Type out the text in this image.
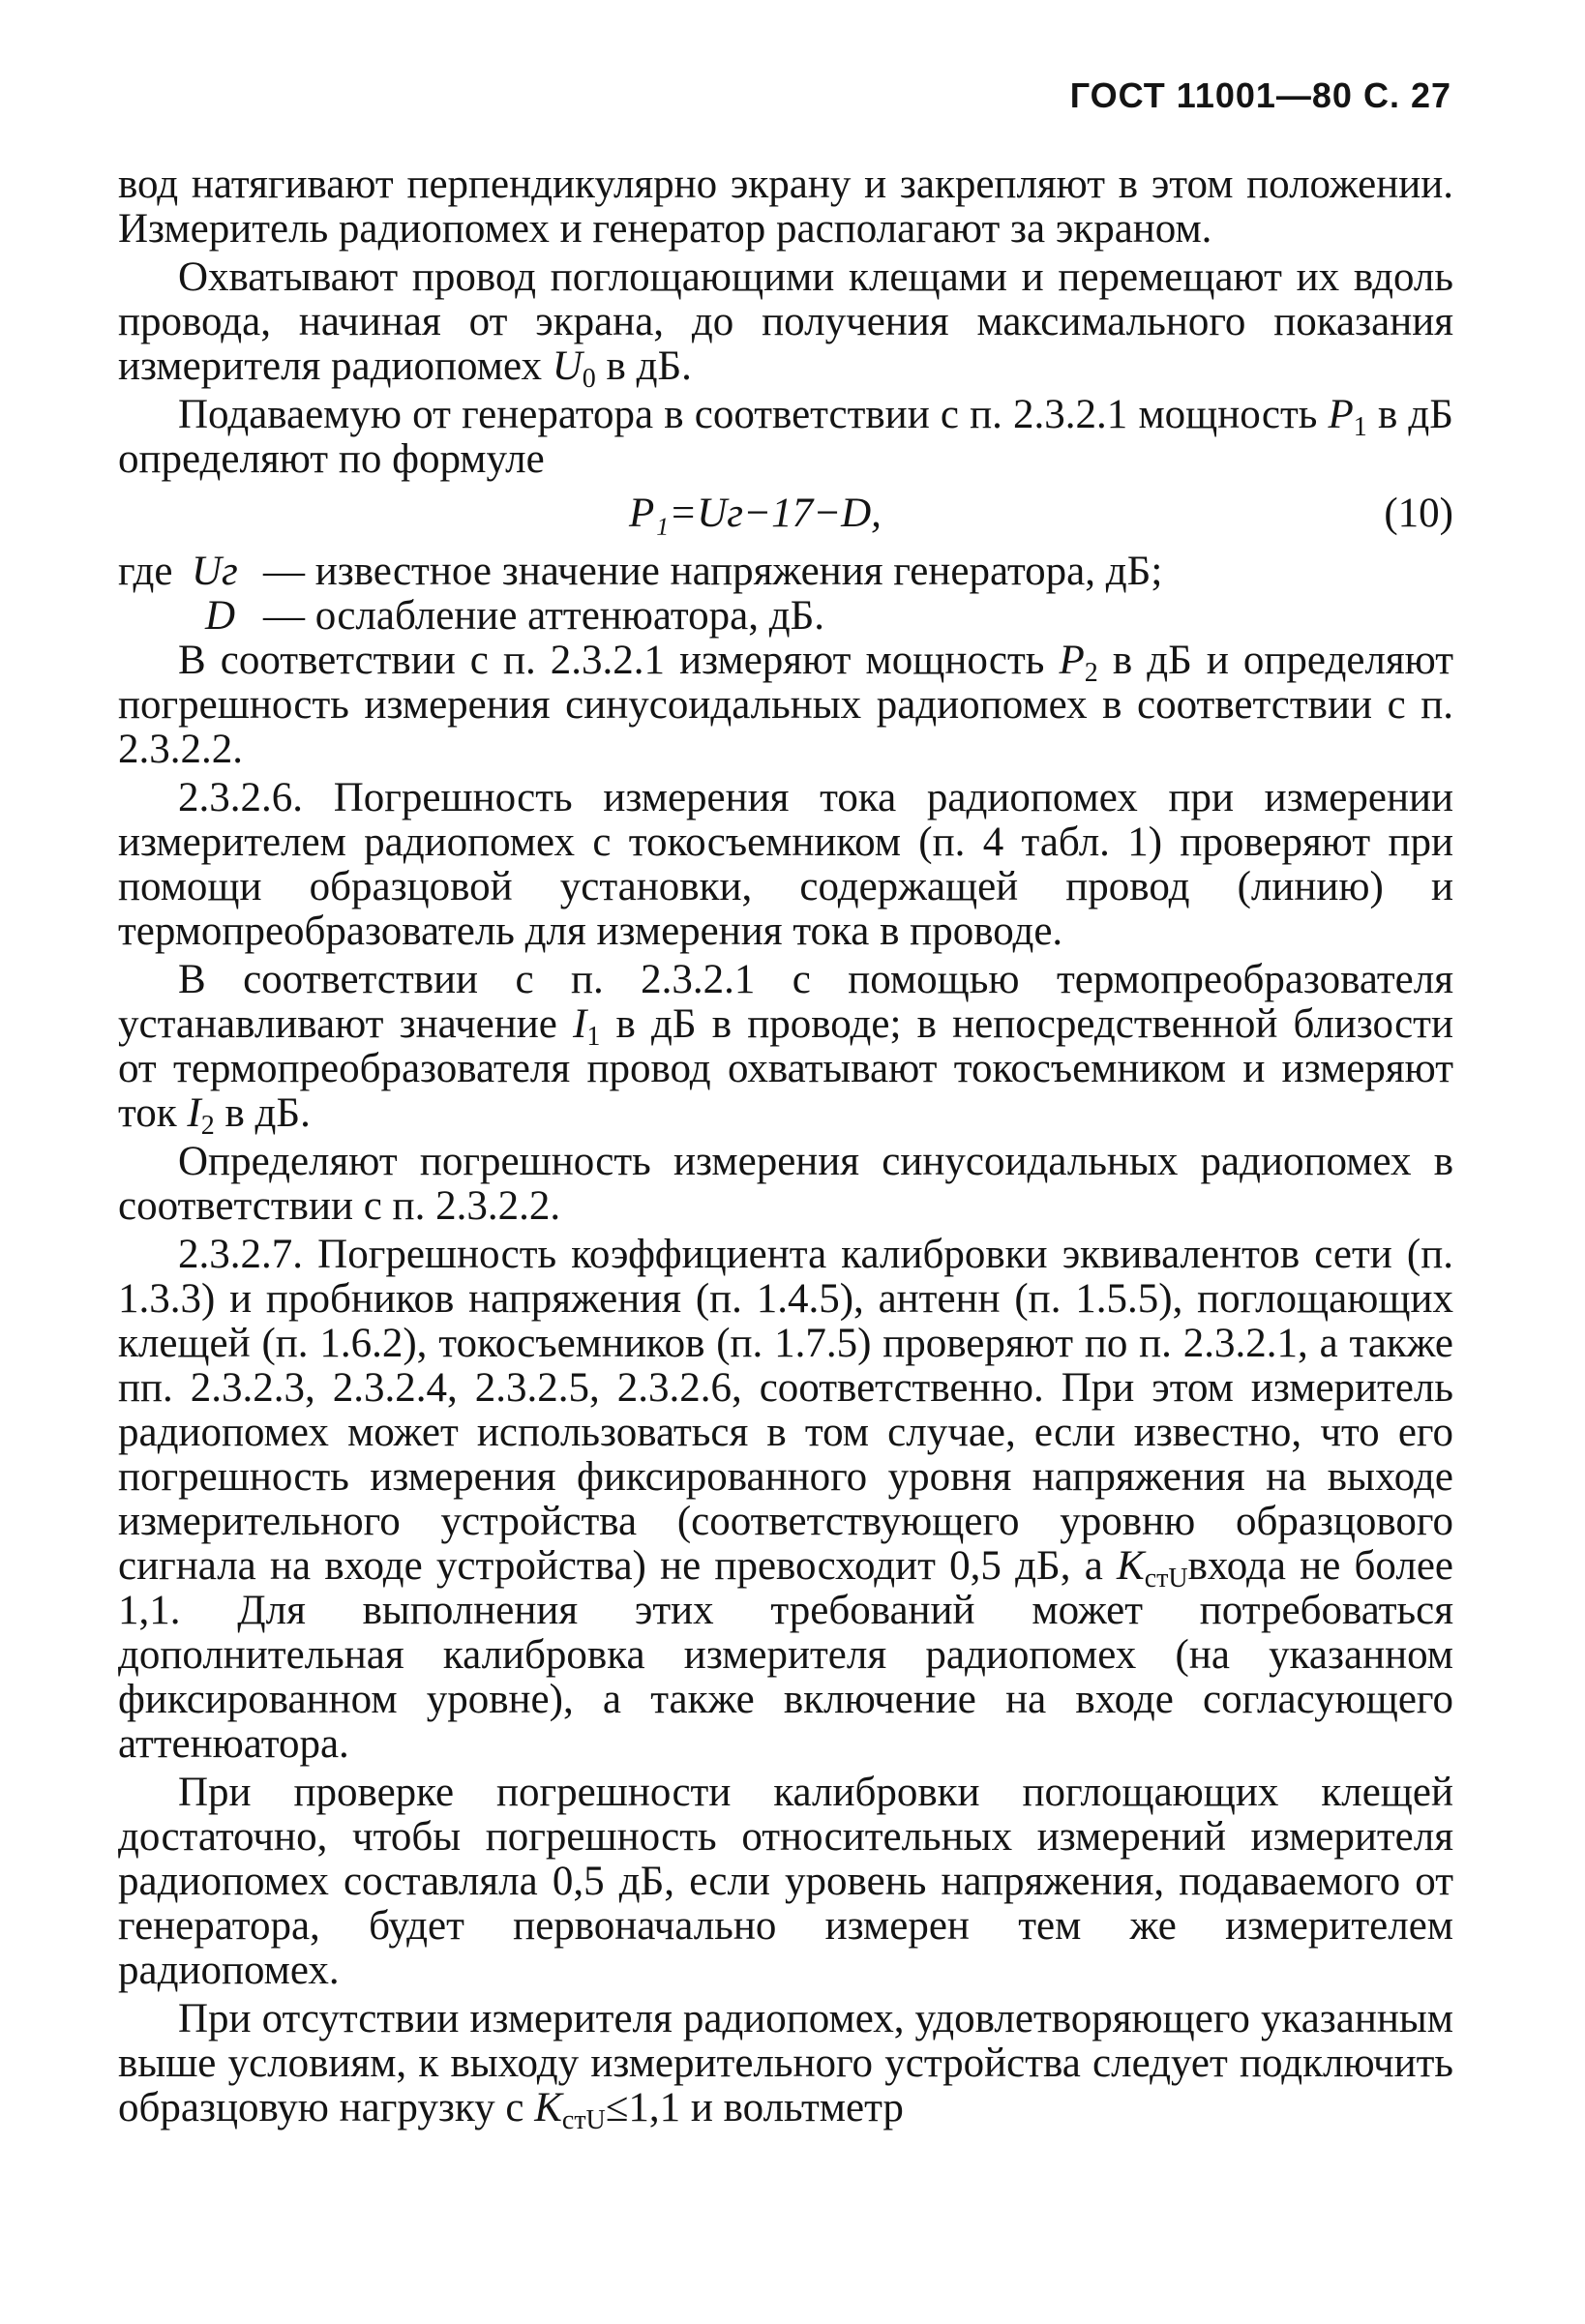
ГОСТ 11001—80 С. 27

вод натягивают перпендикулярно экрану и закрепляют в этом положении. Измеритель радиопомех и генератор располагают за экраном.

Охватывают провод поглощающими клещами и перемещают их вдоль провода, начиная от экрана, до получения максимального показания измерителя радиопомех $U_0$ в дБ.

Подаваемую от генератора в соответствии с п. 2.3.2.1 мощность $P_1$ в дБ определяют по формуле

P₁=Uг−17−D,	(10)
где Uг — известное значение напряжения генератора, дБ;
D — ослабление аттенюатора, дБ.

В соответствии с п. 2.3.2.1 измеряют мощность $P_2$ в дБ и определяют погрешность измерения синусоидальных радиопомех в соответствии с п. 2.3.2.2.

2.3.2.6. Погрешность измерения тока радиопомех при измерении измерителем радиопомех с токосъемником (п. 4 табл. 1) проверяют при помощи образцовой установки, содержащей провод (линию) и термопреобразователь для измерения тока в проводе.

В соответствии с п. 2.3.2.1 с помощью термопреобразователя устанавливают значение $I_1$ в дБ в проводе; в непосредственной близости от термопреобразователя провод охватывают токосъемником и измеряют ток $I_2$ в дБ.

Определяют погрешность измерения синусоидальных радиопомех в соответствии с п. 2.3.2.2.

2.3.2.7. Погрешность коэффициента калибровки эквивалентов сети (п. 1.3.3) и пробников напряжения (п. 1.4.5), антенн (п. 1.5.5), поглощающих клещей (п. 1.6.2), токосъемников (п. 1.7.5) проверяют по п. 2.3.2.1, а также пп. 2.3.2.3, 2.3.2.4, 2.3.2.5, 2.3.2.6, соответственно. При этом измеритель радиопомех может использоваться в том случае, если известно, что его погрешность измерения фиксированного уровня напряжения на выходе измерительного устройства (соответствующего уровню образцового сигнала на входе устройства) не превосходит 0,5 дБ, а $K_{стU}входа$ не более 1,1. Для выполнения этих требований может потребоваться дополнительная калибровка измерителя радиопомех (на указанном фиксированном уровне), а также включение на входе согласующего аттенюатора.

При проверке погрешности калибровки поглощающих клещей достаточно, чтобы погрешность относительных измерений измерителя радиопомех составляла 0,5 дБ, если уровень напряжения, подаваемого от генератора, будет первоначально измерен тем же измерителем радиопомех.

При отсутствии измерителя радиопомех, удовлетворяющего указанным выше условиям, к выходу измерительного устройства следует подключить образцовую нагрузку с $K_{стU}\le 1,1$ и вольтметр
